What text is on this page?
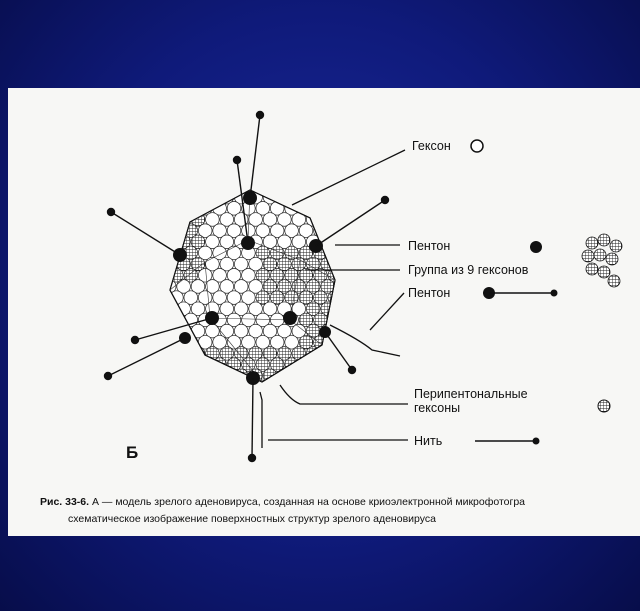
Гексон
Пентон
Группа из 9 гексонов
Пентон
Перипентональные
гексоны
Нить
Б
Рис. 33-6. А — модель зрелого аденовируса, созданная на основе криоэлектронной микрофотогра
схематическое изображение поверхностных структур зрелого аденовируса
